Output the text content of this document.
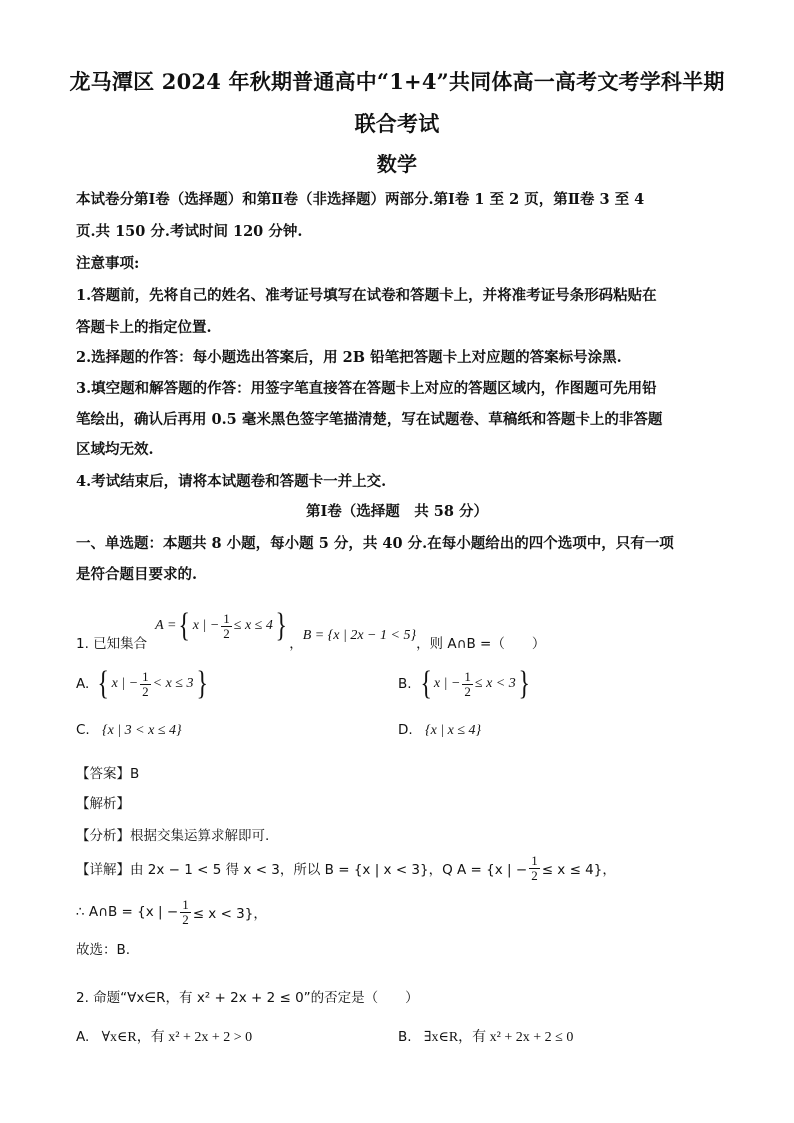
龙马潭区 2024 年秋期普通高中“1+4”共同体高一高考文考学科半期
联合考试
数学
本试卷分第Ⅰ卷（选择题）和第Ⅱ卷（非选择题）两部分.第Ⅰ卷 1 至 2 页，第Ⅱ卷 3 至 4
页.共 150 分.考试时间 120 分钟.
注意事项:
1.答题前，先将自己的姓名、准考证号填写在试卷和答题卡上，并将准考证号条形码粘贴在
答题卡上的指定位置.
2.选择题的作答：每小题选出答案后，用 2B 铅笔把答题卡上对应题的答案标号涂黑.
3.填空题和解答题的作答：用签字笔直接答在答题卡上对应的答题区域内，作图题可先用铅
笔绘出，确认后再用 0.5 毫米黑色签字笔描清楚，写在试题卷、草稿纸和答题卡上的非答题
区域均无效.
4.考试结束后，请将本试题卷和答题卡一并上交.
第Ⅰ卷（选择题　共 58 分）
一、单选题：本题共 8 小题，每小题 5 分，共 40 分.在每小题给出的四个选项中，只有一项
是符合题目要求的.
1. 已知集合
A = { x | − $\frac{1}{2} \le x \le 4$ } ，
B = {x | 2x − 1 < 5}
，则 A∩B =（　　）
A. { x | − $\frac{1}{2} < x \le 3$ }	B. { x | − $\frac{1}{2} \le x < 3$ }
C. {x | 3 < x ≤ 4}	D. {x | x ≤ 4}
【答案】B
【解析】
【分析】根据交集运算求解即可.
【详解】由 2x − 1 < 5 得 x < 3，所以 B = {x | x < 3}，Q A = {x | − $\frac{1}{2} \le x \le 4$}，
∴ A∩B = {x | − $\frac{1}{2} \le x < 3$}，
故选：B.
2. 命题“∀x∈R，有 x² + 2x + 2 ≤ 0”的否定是（　　）
A. ∀x∈R，有 x² + 2x + 2 > 0	B. ∃x∈R，有 x² + 2x + 2 ≤ 0
